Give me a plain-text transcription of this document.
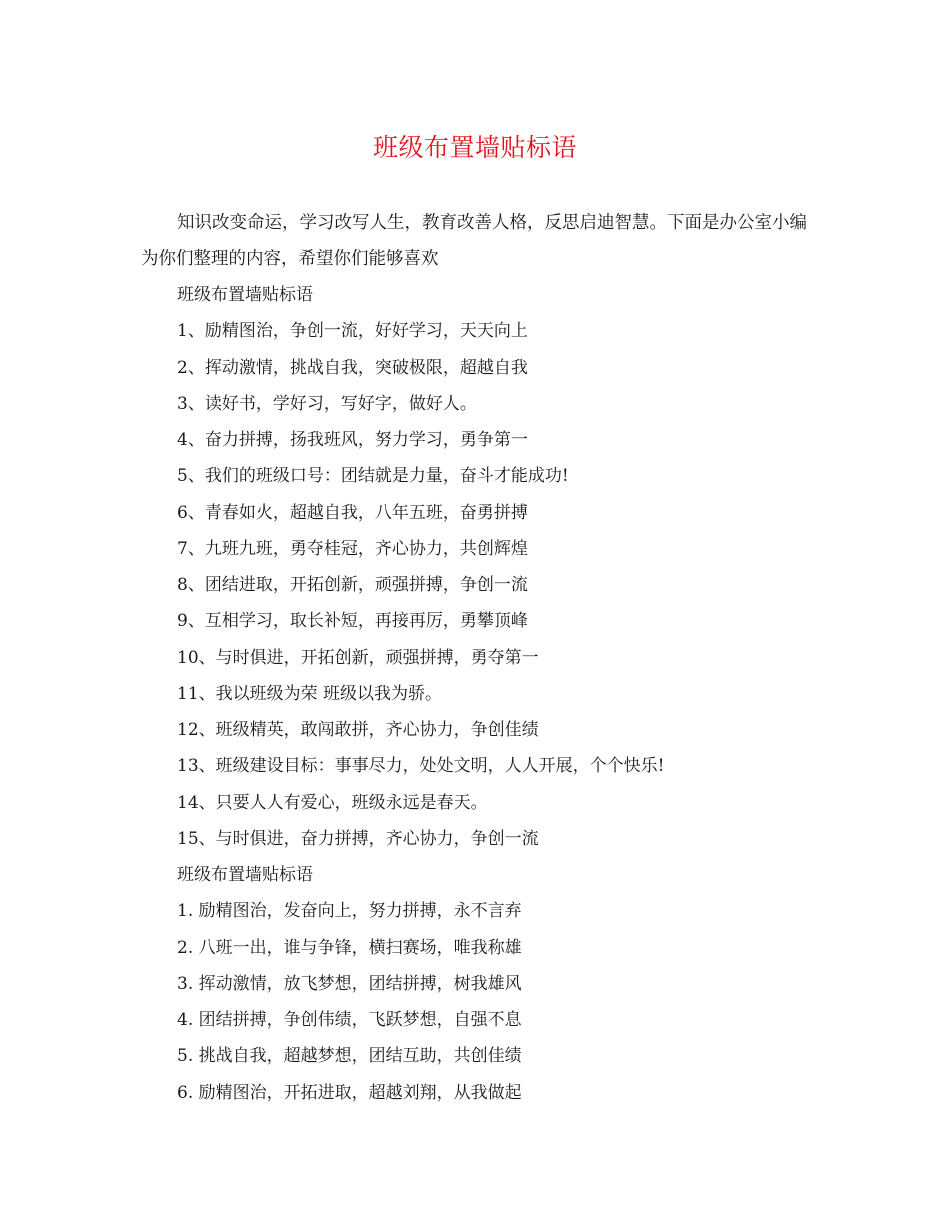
班级布置墙贴标语

知识改变命运，学习改写人生，教育改善人格，反思启迪智慧。下面是办公室小编为你们整理的内容，希望你们能够喜欢

班级布置墙贴标语
1、励精图治，争创一流，好好学习，天天向上
2、挥动激情，挑战自我，突破极限，超越自我
3、读好书，学好习，写好字，做好人。
4、奋力拼搏，扬我班风，努力学习，勇争第一
5、我们的班级口号：团结就是力量，奋斗才能成功!
6、青春如火，超越自我，八年五班，奋勇拼搏
7、九班九班，勇夺桂冠，齐心协力，共创辉煌
8、团结进取，开拓创新，顽强拼搏，争创一流
9、互相学习，取长补短，再接再厉，勇攀顶峰
10、与时俱进，开拓创新，顽强拼搏，勇夺第一
11、我以班级为荣 班级以我为骄。
12、班级精英，敢闯敢拼，齐心协力，争创佳绩
13、班级建设目标：事事尽力，处处文明，人人开展，个个快乐!
14、只要人人有爱心，班级永远是春天。
15、与时俱进，奋力拼搏，齐心协力，争创一流
班级布置墙贴标语
1. 励精图治，发奋向上，努力拼搏，永不言弃
2. 八班一出，谁与争锋，横扫赛场，唯我称雄
3. 挥动激情，放飞梦想，团结拼搏，树我雄风
4. 团结拼搏，争创伟绩，飞跃梦想，自强不息
5. 挑战自我，超越梦想，团结互助，共创佳绩
6. 励精图治，开拓进取，超越刘翔，从我做起
